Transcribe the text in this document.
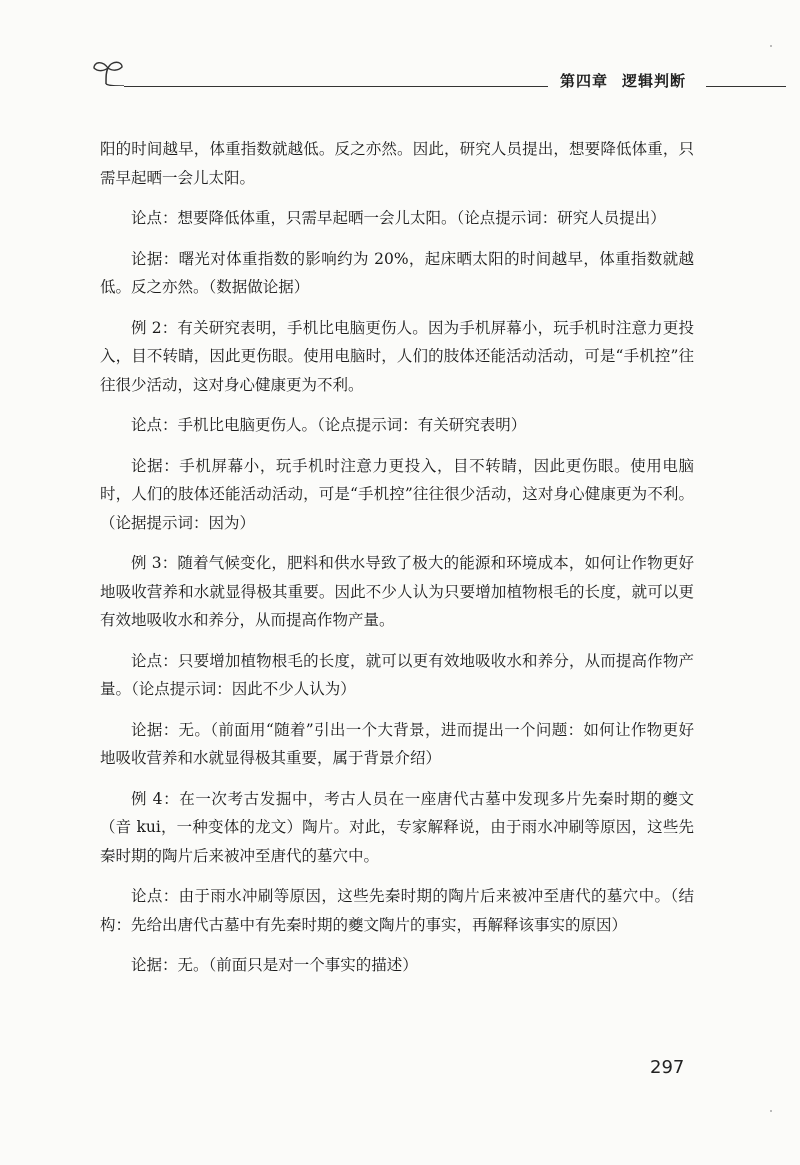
第四章 逻辑判断

阳的时间越早，体重指数就越低。反之亦然。因此，研究人员提出，想要降低体重，只需早起晒一会儿太阳。

论点：想要降低体重，只需早起晒一会儿太阳。（论点提示词：研究人员提出）

论据：曙光对体重指数的影响约为 20%，起床晒太阳的时间越早，体重指数就越低。反之亦然。（数据做论据）

例 2：有关研究表明，手机比电脑更伤人。因为手机屏幕小，玩手机时注意力更投入，目不转睛，因此更伤眼。使用电脑时，人们的肢体还能活动活动，可是“手机控”往往很少活动，这对身心健康更为不利。

论点：手机比电脑更伤人。（论点提示词：有关研究表明）

论据：手机屏幕小，玩手机时注意力更投入，目不转睛，因此更伤眼。使用电脑时，人们的肢体还能活动活动，可是“手机控”往往很少活动，这对身心健康更为不利。（论据提示词：因为）

例 3：随着气候变化，肥料和供水导致了极大的能源和环境成本，如何让作物更好地吸收营养和水就显得极其重要。因此不少人认为只要增加植物根毛的长度，就可以更有效地吸收水和养分，从而提高作物产量。

论点：只要增加植物根毛的长度，就可以更有效地吸收水和养分，从而提高作物产量。（论点提示词：因此不少人认为）

论据：无。（前面用“随着”引出一个大背景，进而提出一个问题：如何让作物更好地吸收营养和水就显得极其重要，属于背景介绍）

例 4：在一次考古发掘中，考古人员在一座唐代古墓中发现多片先秦时期的夔文（音 kui，一种变体的龙文）陶片。对此，专家解释说，由于雨水冲刷等原因，这些先秦时期的陶片后来被冲至唐代的墓穴中。

论点：由于雨水冲刷等原因，这些先秦时期的陶片后来被冲至唐代的墓穴中。（结构：先给出唐代古墓中有先秦时期的夔文陶片的事实，再解释该事实的原因）

论据：无。（前面只是对一个事实的描述）

297
